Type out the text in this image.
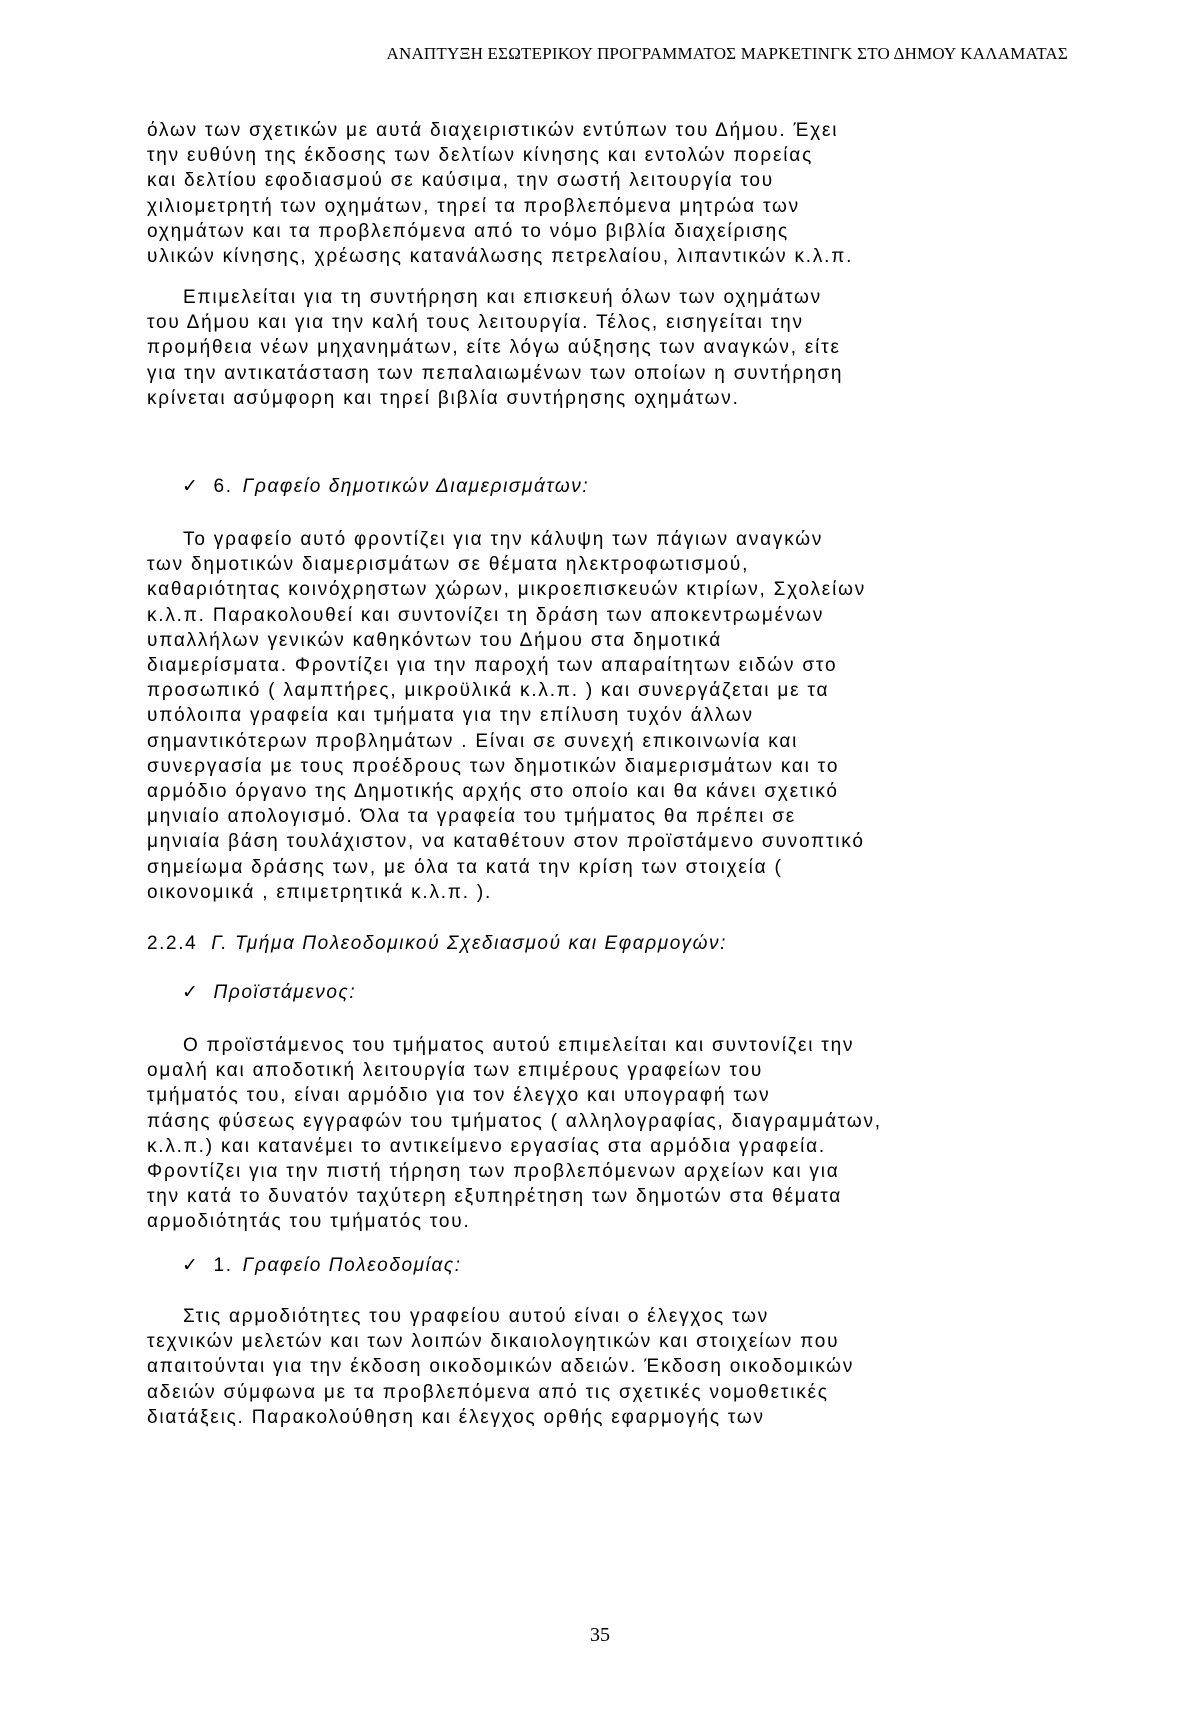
ΑΝΑΠΤΥΞΗ ΕΣΩΤΕΡΙΚΟΥ ΠΡΟΓΡΑΜΜΑΤΟΣ ΜΑΡΚΕΤΙΝΓΚ ΣΤΟ ΔΗΜΟΥ ΚΑΛΑΜΑΤΑΣ
όλων των σχετικών με αυτά διαχειριστικών εντύπων του Δήμου. Έχει
την ευθύνη της έκδοσης των δελτίων κίνησης και εντολών πορείας
και δελτίου εφοδιασμού σε καύσιμα, την σωστή λειτουργία του
χιλιομετρητή των οχημάτων, τηρεί τα προβλεπόμενα μητρώα των
οχημάτων και τα προβλεπόμενα από το νόμο βιβλία διαχείρισης
υλικών κίνησης, χρέωσης κατανάλωσης πετρελαίου, λιπαντικών κ.λ.π.
Επιμελείται για τη συντήρηση και επισκευή όλων των οχημάτων
του Δήμου και για την καλή τους λειτουργία. Τέλος, εισηγείται την
προμήθεια νέων μηχανημάτων, είτε λόγω αύξησης των αναγκών, είτε
για την αντικατάσταση των πεπαλαιωμένων των οποίων η συντήρηση
κρίνεται ασύμφορη και τηρεί βιβλία συντήρησης οχημάτων.
✓ 6. Γραφείο δημοτικών Διαμερισμάτων:
Το γραφείο αυτό φροντίζει για την κάλυψη των πάγιων αναγκών
των δημοτικών διαμερισμάτων σε θέματα ηλεκτροφωτισμού,
καθαριότητας κοινόχρηστων χώρων, μικροεπισκευών κτιρίων, Σχολείων
κ.λ.π. Παρακολουθεί και συντονίζει τη δράση των αποκεντρωμένων
υπαλλήλων γενικών καθηκόντων του Δήμου στα δημοτικά
διαμερίσματα. Φροντίζει για την παροχή των απαραίτητων ειδών στο
προσωπικό ( λαμπτήρες, μικροϋλικά κ.λ.π. ) και συνεργάζεται με τα
υπόλοιπα γραφεία και τμήματα για την επίλυση τυχόν άλλων
σημαντικότερων προβλημάτων . Είναι σε συνεχή επικοινωνία και
συνεργασία με τους προέδρους των δημοτικών διαμερισμάτων και το
αρμόδιο όργανο της Δημοτικής αρχής στο οποίο και θα κάνει σχετικό
μηνιαίο απολογισμό. Όλα τα γραφεία του τμήματος θα πρέπει σε
μηνιαία βάση τουλάχιστον, να καταθέτουν στον προϊστάμενο συνοπτικό
σημείωμα δράσης των, με όλα τα κατά την κρίση των στοιχεία (
οικονομικά , επιμετρητικά κ.λ.π. ).
2.2.4 Γ. Τμήμα Πολεοδομικού Σχεδιασμού και Εφαρμογών:
✓ Προϊστάμενος:
Ο προϊστάμενος του τμήματος αυτού επιμελείται και συντονίζει την
ομαλή και αποδοτική λειτουργία των επιμέρους γραφείων του
τμήματός του, είναι αρμόδιο για τον έλεγχο και υπογραφή των
πάσης φύσεως εγγραφών του τμήματος ( αλληλογραφίας, διαγραμμάτων,
κ.λ.π.) και κατανέμει το αντικείμενο εργασίας στα αρμόδια γραφεία.
Φροντίζει για την πιστή τήρηση των προβλεπόμενων αρχείων και για
την κατά το δυνατόν ταχύτερη εξυπηρέτηση των δημοτών στα θέματα
αρμοδιότητάς του τμήματός του.
✓ 1. Γραφείο Πολεοδομίας:
Στις αρμοδιότητες του γραφείου αυτού είναι ο έλεγχος των
τεχνικών μελετών και των λοιπών δικαιολογητικών και στοιχείων που
απαιτούνται για την έκδοση οικοδομικών αδειών. Έκδοση οικοδομικών
αδειών σύμφωνα με τα προβλεπόμενα από τις σχετικές νομοθετικές
διατάξεις. Παρακολούθηση και έλεγχος ορθής εφαρμογής των
35
